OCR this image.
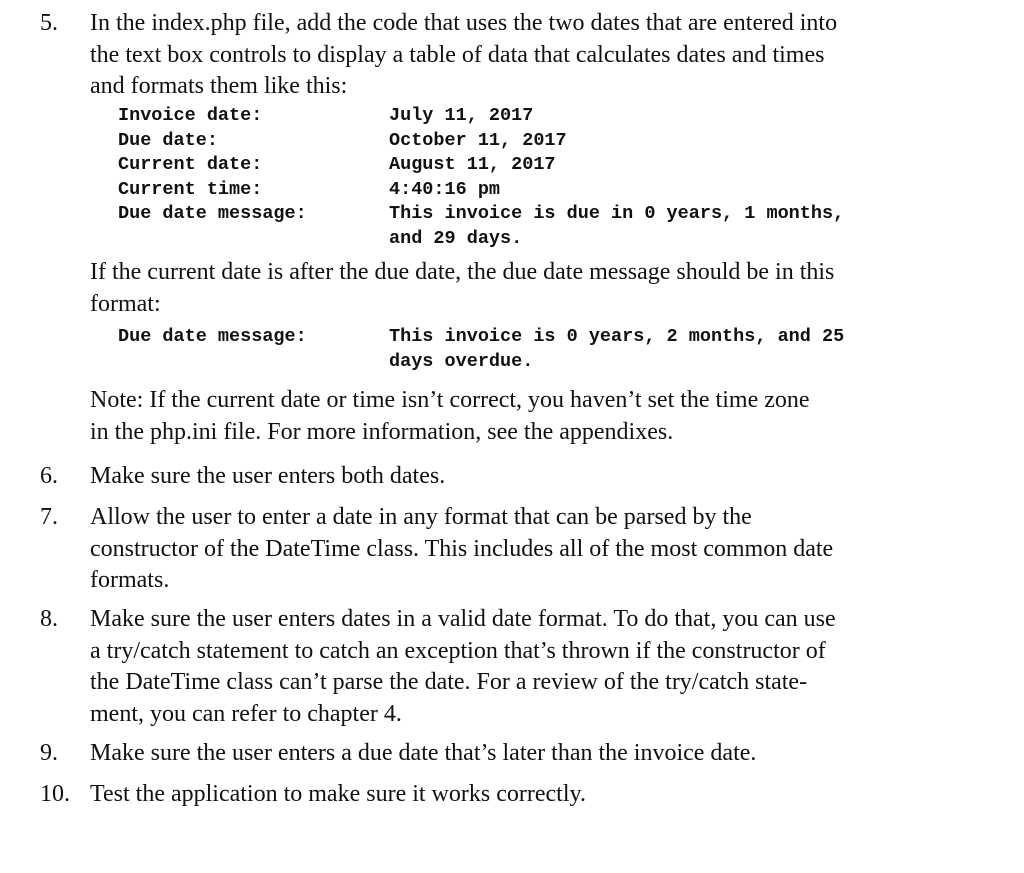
5. In the index.php file, add the code that uses the two dates that are entered into
the text box controls to display a table of data that calculates dates and times
and formats them like this:
Invoice date:	July 11, 2017
Due date:	October 11, 2017
Current date:	August 11, 2017
Current time:	4:40:16 pm
Due date message:	This invoice is due in 0 years, 1 months,
and 29 days.
If the current date is after the due date, the due date message should be in this
format:
Due date message:	This invoice is 0 years, 2 months, and 25
days overdue.
Note: If the current date or time isn’t correct, you haven’t set the time zone
in the php.ini file. For more information, see the appendixes.
6. Make sure the user enters both dates.
7. Allow the user to enter a date in any format that can be parsed by the
constructor of the DateTime class. This includes all of the most common date
formats.
8. Make sure the user enters dates in a valid date format. To do that, you can use
a try/catch statement to catch an exception that’s thrown if the constructor of
the DateTime class can’t parse the date. For a review of the try/catch state-
ment, you can refer to chapter 4.
9. Make sure the user enters a due date that’s later than the invoice date.
10. Test the application to make sure it works correctly.
